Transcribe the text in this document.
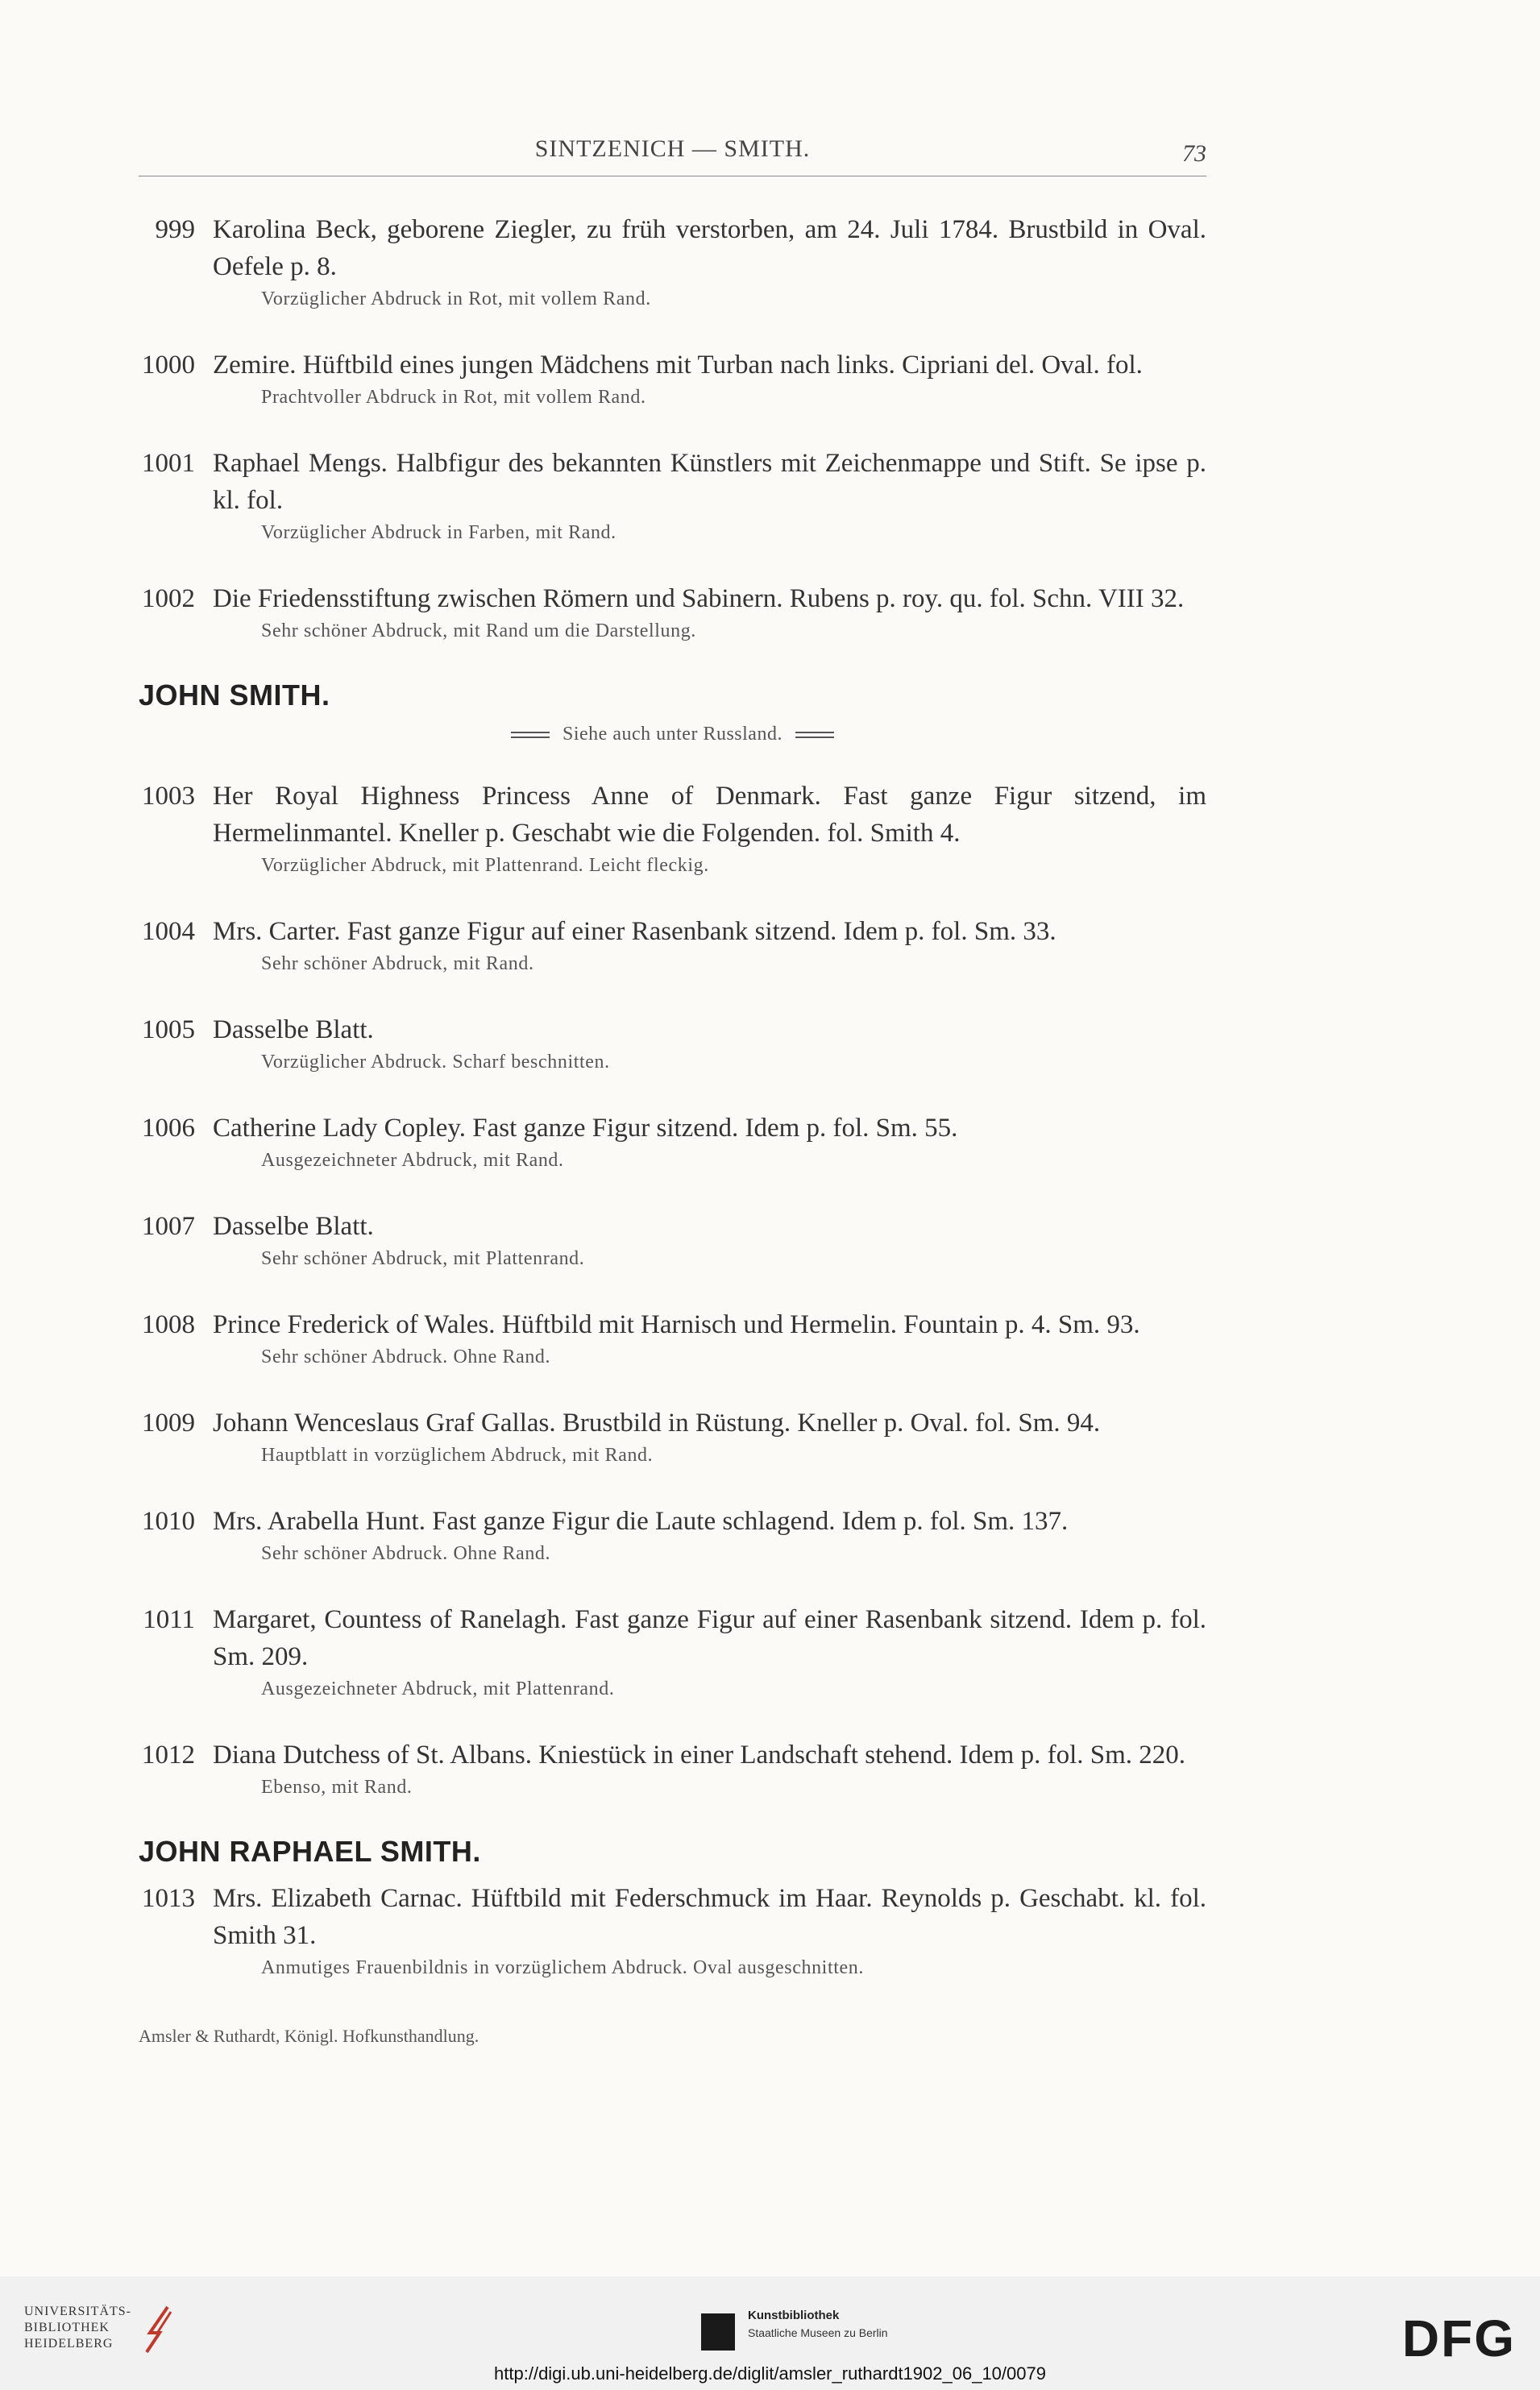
SINTZENICH — SMITH.	73
999 Karolina Beck, geborene Ziegler, zu früh verstorben, am 24. Juli 1784. Brustbild in Oval. Oefele p. 8.
Vorzüglicher Abdruck in Rot, mit vollem Rand.
1000 Zemire. Hüftbild eines jungen Mädchens mit Turban nach links. Cipriani del. Oval. fol.
Prachtvoller Abdruck in Rot, mit vollem Rand.
1001 Raphael Mengs. Halbfigur des bekannten Künstlers mit Zeichenmappe und Stift. Se ipse p. kl. fol.
Vorzüglicher Abdruck in Farben, mit Rand.
1002 Die Friedensstiftung zwischen Römern und Sabinern. Rubens p. roy. qu. fol. Schn. VIII 32.
Sehr schöner Abdruck, mit Rand um die Darstellung.
JOHN SMITH.
Siehe auch unter Russland.
1003 Her Royal Highness Princess Anne of Denmark. Fast ganze Figur sitzend, im Hermelinmantel. Kneller p. Geschabt wie die Folgenden. fol. Smith 4.
Vorzüglicher Abdruck, mit Plattenrand. Leicht fleckig.
1004 Mrs. Carter. Fast ganze Figur auf einer Rasenbank sitzend. Idem p. fol. Sm. 33.
Sehr schöner Abdruck, mit Rand.
1005 Dasselbe Blatt.
Vorzüglicher Abdruck. Scharf beschnitten.
1006 Catherine Lady Copley. Fast ganze Figur sitzend. Idem p. fol. Sm. 55.
Ausgezeichneter Abdruck, mit Rand.
1007 Dasselbe Blatt.
Sehr schöner Abdruck, mit Plattenrand.
1008 Prince Frederick of Wales. Hüftbild mit Harnisch und Hermelin. Fountain p. 4. Sm. 93.
Sehr schöner Abdruck. Ohne Rand.
1009 Johann Wenceslaus Graf Gallas. Brustbild in Rüstung. Kneller p. Oval. fol. Sm. 94.
Hauptblatt in vorzüglichem Abdruck, mit Rand.
1010 Mrs. Arabella Hunt. Fast ganze Figur die Laute schlagend. Idem p. fol. Sm. 137.
Sehr schöner Abdruck. Ohne Rand.
1011 Margaret, Countess of Ranelagh. Fast ganze Figur auf einer Rasenbank sitzend. Idem p. fol. Sm. 209.
Ausgezeichneter Abdruck, mit Plattenrand.
1012 Diana Dutchess of St. Albans. Kniestück in einer Landschaft stehend. Idem p. fol. Sm. 220.
Ebenso, mit Rand.
JOHN RAPHAEL SMITH.
1013 Mrs. Elizabeth Carnac. Hüftbild mit Federschmuck im Haar. Reynolds p. Geschabt. kl. fol. Smith 31.
Anmutiges Frauenbildnis in vorzüglichem Abdruck. Oval ausgeschnitten.
Amsler & Ruthardt, Königl. Hofkunsthandlung.
UNIVERSITÄTS-
BIBLIOTHEK
HEIDELBERG
Kunstbibliothek
Staatliche Museen zu Berlin	DFG
http://digi.ub.uni-heidelberg.de/diglit/amsler_ruthardt1902_06_10/0079
